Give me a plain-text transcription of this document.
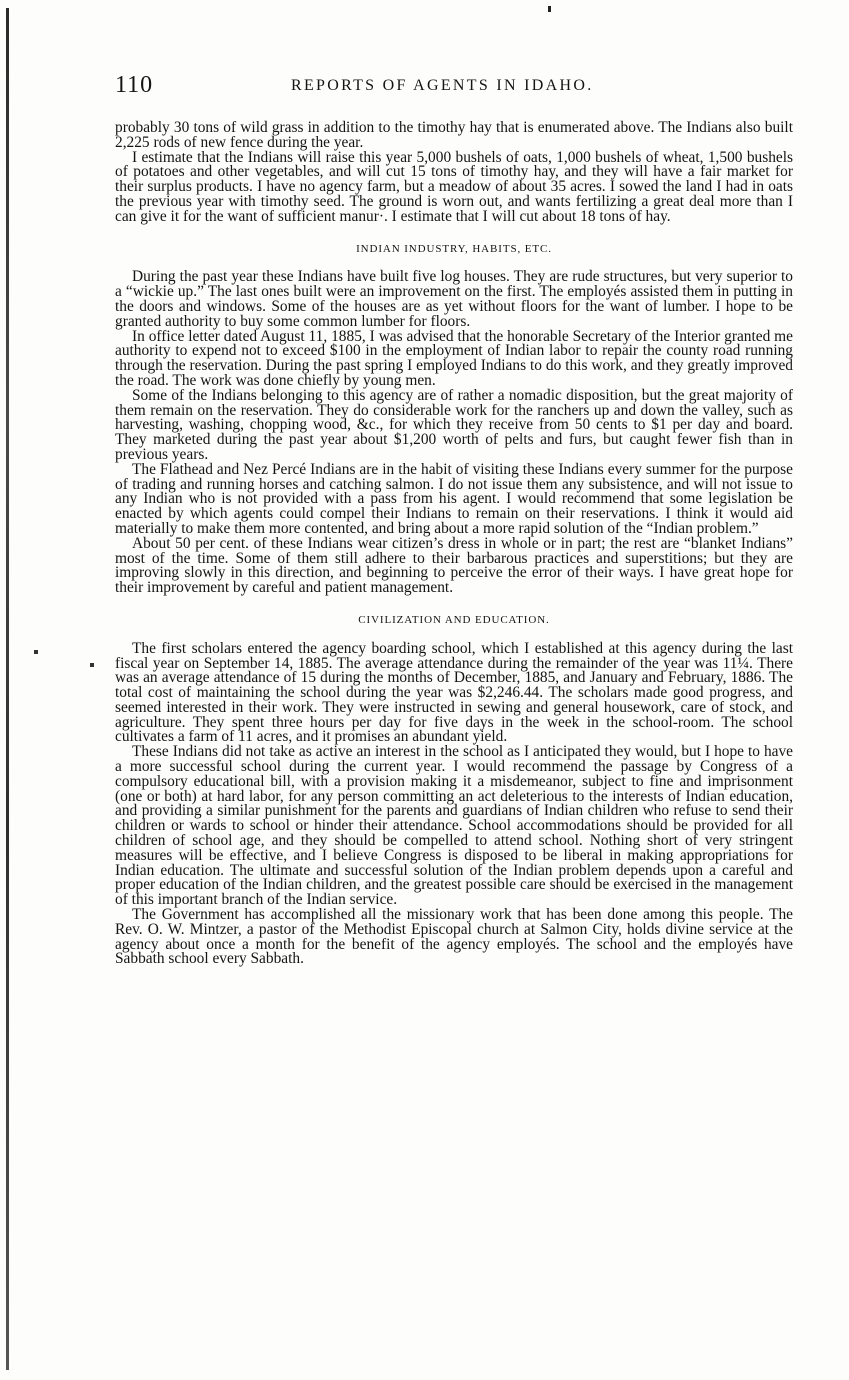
110	REPORTS OF AGENTS IN IDAHO.

probably 30 tons of wild grass in addition to the timothy hay that is enumerated above. The Indians also built 2,225 rods of new fence during the year.

I estimate that the Indians will raise this year 5,000 bushels of oats, 1,000 bushels of wheat, 1,500 bushels of potatoes and other vegetables, and will cut 15 tons of timothy hay, and they will have a fair market for their surplus products. I have no agency farm, but a meadow of about 35 acres. I sowed the land I had in oats the previous year with timothy seed. The ground is worn out, and wants fertilizing a great deal more than I can give it for the want of sufficient manur·. I estimate that I will cut about 18 tons of hay.

INDIAN INDUSTRY, HABITS, ETC.

During the past year these Indians have built five log houses. They are rude structures, but very superior to a “wickie up.” The last ones built were an improvement on the first. The employés assisted them in putting in the doors and windows. Some of the houses are as yet without floors for the want of lumber. I hope to be granted authority to buy some common lumber for floors.

In office letter dated August 11, 1885, I was advised that the honorable Secretary of the Interior granted me authority to expend not to exceed $100 in the employment of Indian labor to repair the county road running through the reservation. During the past spring I employed Indians to do this work, and they greatly improved the road. The work was done chiefly by young men.

Some of the Indians belonging to this agency are of rather a nomadic disposition, but the great majority of them remain on the reservation. They do considerable work for the ranchers up and down the valley, such as harvesting, washing, chopping wood, &c., for which they receive from 50 cents to $1 per day and board. They marketed during the past year about $1,200 worth of pelts and furs, but caught fewer fish than in previous years.

The Flathead and Nez Percé Indians are in the habit of visiting these Indians every summer for the purpose of trading and running horses and catching salmon. I do not issue them any subsistence, and will not issue to any Indian who is not provided with a pass from his agent. I would recommend that some legislation be enacted by which agents could compel their Indians to remain on their reservations. I think it would aid materially to make them more contented, and bring about a more rapid solution of the “Indian problem.”

About 50 per cent. of these Indians wear citizen’s dress in whole or in part; the rest are “blanket Indians” most of the time. Some of them still adhere to their barbarous practices and superstitions; but they are improving slowly in this direction, and beginning to perceive the error of their ways. I have great hope for their improvement by careful and patient management.

CIVILIZATION AND EDUCATION.

The first scholars entered the agency boarding school, which I established at this agency during the last fiscal year on September 14, 1885. The average attendance during the remainder of the year was 11¼. There was an average attendance of 15 during the months of December, 1885, and January and February, 1886. The total cost of maintaining the school during the year was $2,246.44. The scholars made good progress, and seemed interested in their work. They were instructed in sewing and general housework, care of stock, and agriculture. They spent three hours per day for five days in the week in the school-room. The school cultivates a farm of 11 acres, and it promises an abundant yield.

These Indians did not take as active an interest in the school as I anticipated they would, but I hope to have a more successful school during the current year. I would recommend the passage by Congress of a compulsory educational bill, with a provision making it a misdemeanor, subject to fine and imprisonment (one or both) at hard labor, for any person committing an act deleterious to the interests of Indian education, and providing a similar punishment for the parents and guardians of Indian children who refuse to send their children or wards to school or hinder their attendance. School accommodations should be provided for all children of school age, and they should be compelled to attend school. Nothing short of very stringent measures will be effective, and I believe Congress is disposed to be liberal in making appropriations for Indian education. The ultimate and successful solution of the Indian problem depends upon a careful and proper education of the Indian children, and the greatest possible care should be exercised in the management of this important branch of the Indian service.

The Government has accomplished all the missionary work that has been done among this people. The Rev. O. W. Mintzer, a pastor of the Methodist Episcopal church at Salmon City, holds divine service at the agency about once a month for the benefit of the agency employés. The school and the employés have Sabbath school every Sabbath.
